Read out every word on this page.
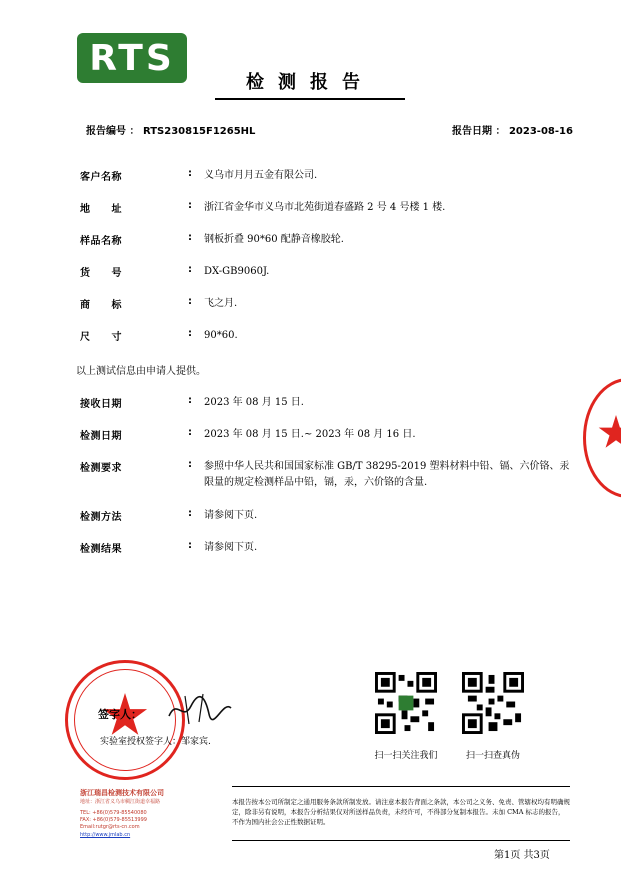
RTS
检测报告
报告编号 ： RTS230815F1265HL	报告日期 ： 2023-08-16
客户名称	:	义乌市月月五金有限公司.
地　　址	:	浙江省金华市义乌市北苑街道春盛路 2 号 4 号楼 1 楼.
样品名称	:	钢板折叠 90*60 配静音橡胶轮.
货　　号	:	DX-GB9060J.
商　　标	:	飞之月.
尺　　寸	:	90*60.
以上测试信息由申请人提供。
接收日期	:	2023 年 08 月 15 日.
检测日期	:	2023 年 08 月 15 日.~ 2023 年 08 月 16 日.
检测要求	:	参照中华人民共和国国家标准 GB/T 38295-2019 塑料材料中铅、镉、六价铬、汞限量的规定检测样品中铅，镉，汞，六价铬的含量.
检测方法	:	请参阅下页.
检测结果	:	请参阅下页.
签字人：
实验室授权签字人：邹家宾.
扫一扫关注我们	扫一扫查真伪
浙江瑞昌检测技术有限公司
地址：浙江省义乌市稠江街道幸福路
TEL: +86(0)579-85540080
FAX: +86(0)579-85513999
Email:rutgr@rts-cn.com
http://www.jmlab.cn
本报告按本公司所制定之通用服务条款所制发放。请注意本报告背面之条款，本公司之义务、免责、管辖权均有明确规定，除非另有说明，本报告分析结果仅对所送样品负责，未经许可，不得部分复制本报告。未加 CMA 标志的报告，不作为国内社会公正性数据证明。
第1页 共3页
